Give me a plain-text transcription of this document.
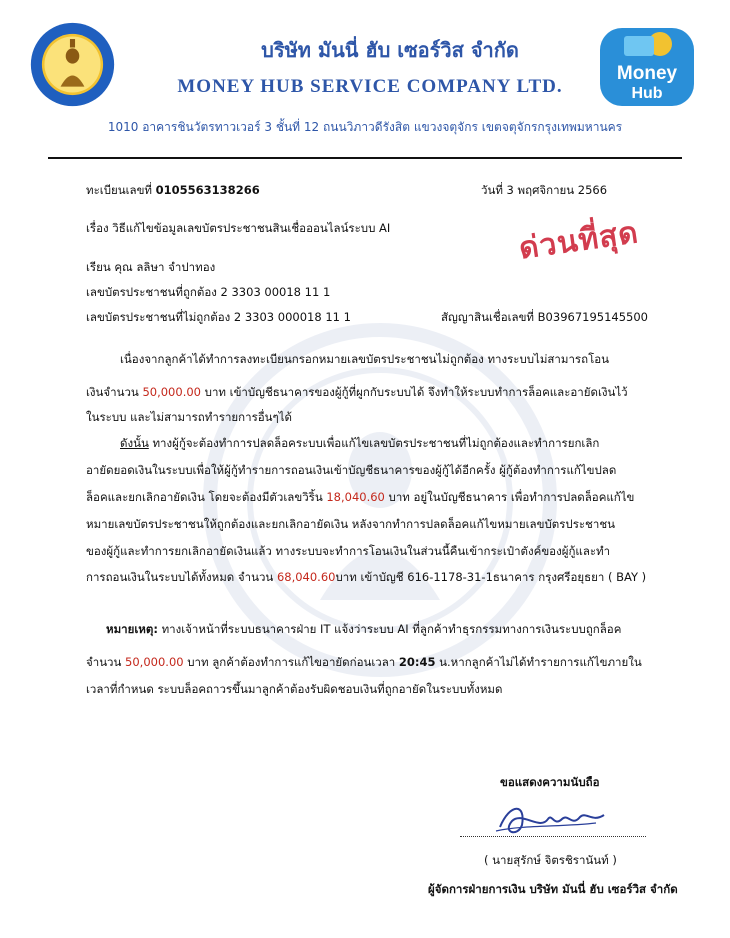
บริษัท มันนี่ ฮับ เซอร์วิส จำกัด
MONEY HUB SERVICE COMPANY LTD.
1010 อาคารชินวัตรทาวเวอร์ 3 ชั้นที่ 12 ถนนวิภาวดีรังสิต แขวงจตุจักร เขตจตุจักรกรุงเทพมหานคร
Money
Hub
ด่วนที่สุด
ทะเบียนเลขที่ 0105563138266	วันที่ 3 พฤศจิกายน 2566
เรื่อง วิธีแก้ไขข้อมูลเลขบัตรประชาชนสินเชื่อออนไลน์ระบบ AI
เรียน คุณ ลลิษา จำปาทอง
เลขบัตรประชาชนที่ถูกต้อง 2 3303 00018 11 1
เลขบัตรประชาชนที่ไม่ถูกต้อง 2 3303 000018 11 1	สัญญาสินเชื่อเลขที่ B03967195145500
เนื่องจากลูกค้าได้ทำการลงทะเบียนกรอกหมายเลขบัตรประชาชนไม่ถูกต้อง ทางระบบไม่สามารถโอน
เงินจำนวน 50,000.00 บาท เข้าบัญชีธนาคารของผู้กู้ที่ผูกกับระบบได้ จึงทำให้ระบบทำการล็อคและอายัดเงินไว้
ในระบบ และไม่สามารถทำรายการอื่นๆได้
ดังนั้น ทางผู้กู้จะต้องทำการปลดล็อคระบบเพื่อแก้ไขเลขบัตรประชาชนที่ไม่ถูกต้องและทำการยกเลิก
อายัดยอดเงินในระบบเพื่อให้ผู้กู้ทำรายการถอนเงินเข้าบัญชีธนาคารของผู้กู้ได้อีกครั้ง ผู้กู้ต้องทำการแก้ไขปลด
ล็อคและยกเลิกอายัดเงิน โดยจะต้องมีตัวเลขวิริ้น 18,040.60 บาท อยู่ในบัญชีธนาคาร เพื่อทำการปลดล็อคแก้ไข
หมายเลขบัตรประชาชนให้ถูกต้องและยกเลิกอายัดเงิน หลังจากทำการปลดล็อคแก้ไขหมายเลขบัตรประชาชน
ของผู้กู้และทำการยกเลิกอายัดเงินแล้ว ทางระบบจะทำการโอนเงินในส่วนนี้คืนเข้ากระเป๋าตังค์ของผู้กู้และทำ
การถอนเงินในระบบได้ทั้งหมด จำนวน 68,040.60บาท เข้าบัญชี 616-1178-31-1ธนาคาร กรุงศรีอยุธยา ( BAY )
หมายเหตุ: ทางเจ้าหน้าที่ระบบธนาคารฝ่าย IT แจ้งว่าระบบ AI ที่ลูกค้าทำธุรกรรมทางการเงินระบบถูกล็อค
จำนวน 50,000.00 บาท ลูกค้าต้องทำการแก้ไขอายัดก่อนเวลา 20:45 น.หากลูกค้าไม่ได้ทำรายการแก้ไขภายใน
เวลาที่กำหนด ระบบล็อคถาวรขึ้นมาลูกค้าต้องรับผิดชอบเงินที่ถูกอายัดในระบบทั้งหมด
ขอแสดงความนับถือ
( นายสุรักษ์ จิตรชิรานันท์ )
ผู้จัดการฝ่ายการเงิน บริษัท มันนี่ ฮับ เซอร์วิส จำกัด
